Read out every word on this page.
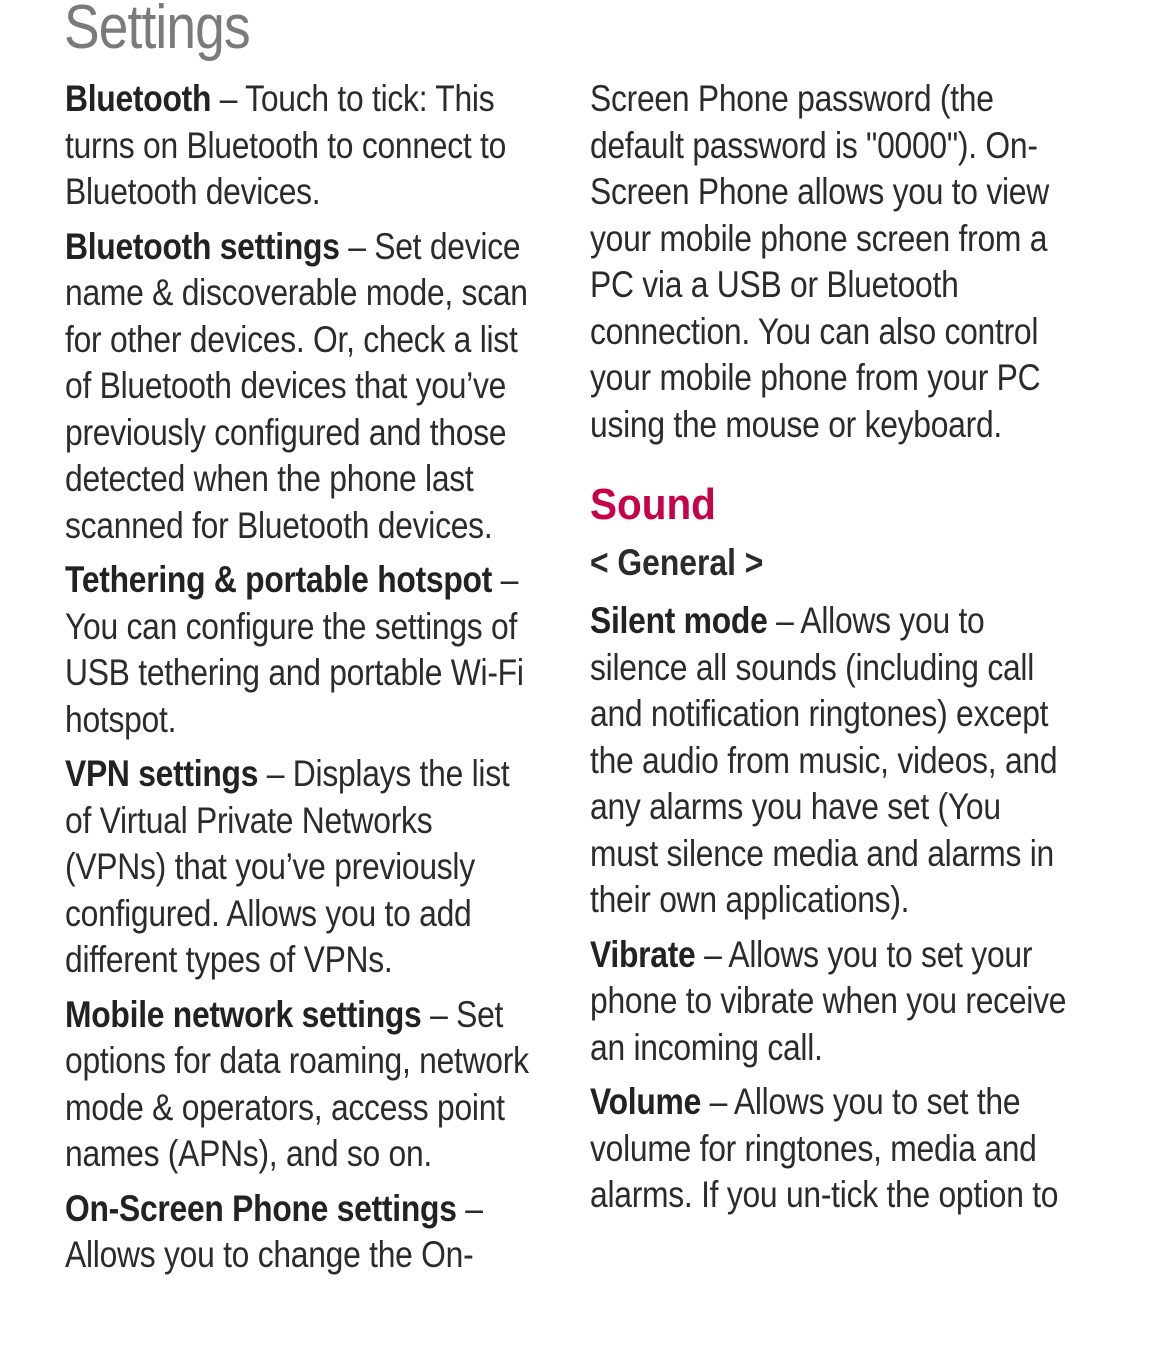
Settings

Bluetooth – Touch to tick: This turns on Bluetooth to connect to Bluetooth devices.

Bluetooth settings – Set device name & discoverable mode, scan for other devices. Or, check a list of Bluetooth devices that you’ve previously configured and those detected when the phone last scanned for Bluetooth devices.

Tethering & portable hotspot – You can configure the settings of USB tethering and portable Wi-Fi hotspot.

VPN settings – Displays the list of Virtual Private Networks (VPNs) that you’ve previously configured. Allows you to add different types of VPNs.

Mobile network settings – Set options for data roaming, network mode & operators, access point names (APNs), and so on.

On-Screen Phone settings – Allows you to change the On-

Screen Phone password (the default password is "0000"). On-Screen Phone allows you to view your mobile phone screen from a PC via a USB or Bluetooth connection. You can also control your mobile phone from your PC using the mouse or keyboard.

Sound
< General >

Silent mode – Allows you to silence all sounds (including call and notification ringtones) except the audio from music, videos, and any alarms you have set (You must silence media and alarms in their own applications).

Vibrate – Allows you to set your phone to vibrate when you receive an incoming call.

Volume – Allows you to set the volume for ringtones, media and alarms. If you un-tick the option to
